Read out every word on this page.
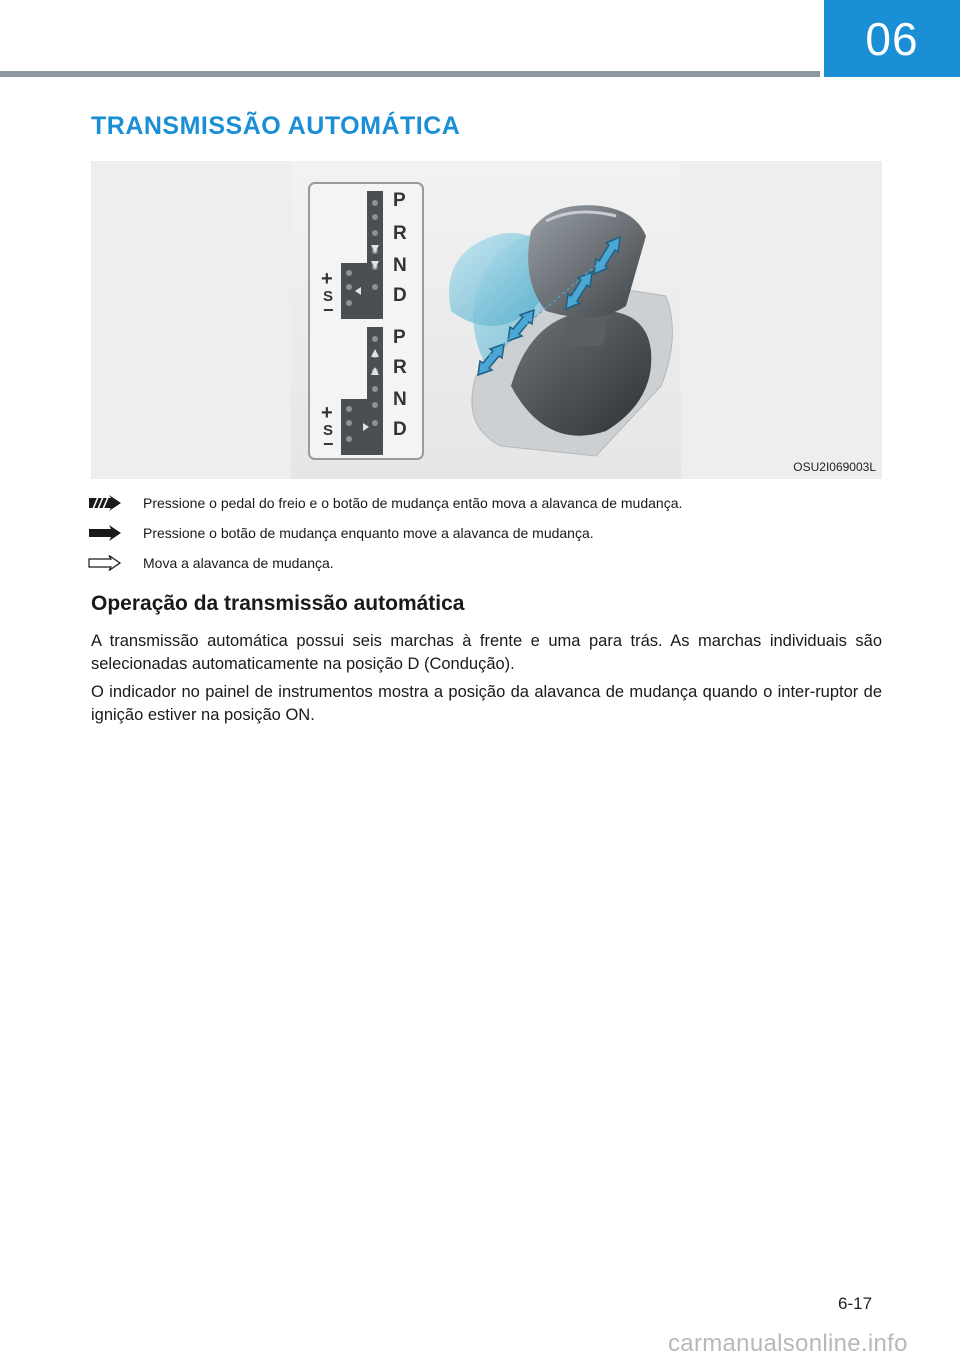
06
TRANSMISSÃO AUTOMÁTICA
P
R
N
D
P
R
N
D
+
S
−
+
S
−
OSU2I069003L
Pressione o pedal do freio e o botão de mudança então mova a alavanca de mudança.
Pressione o botão de mudança enquanto move a alavanca de mudança.
Mova a alavanca de mudança.
Operação da transmissão automática
A transmissão automática possui seis marchas à frente e uma para trás. As marchas individuais são selecionadas automaticamente na posição D (Condução).
O indicador no painel de instrumentos mostra a posição da alavanca de mudança quando o inter-ruptor de ignição estiver na posição ON.
6-17
carmanualsonline.info
